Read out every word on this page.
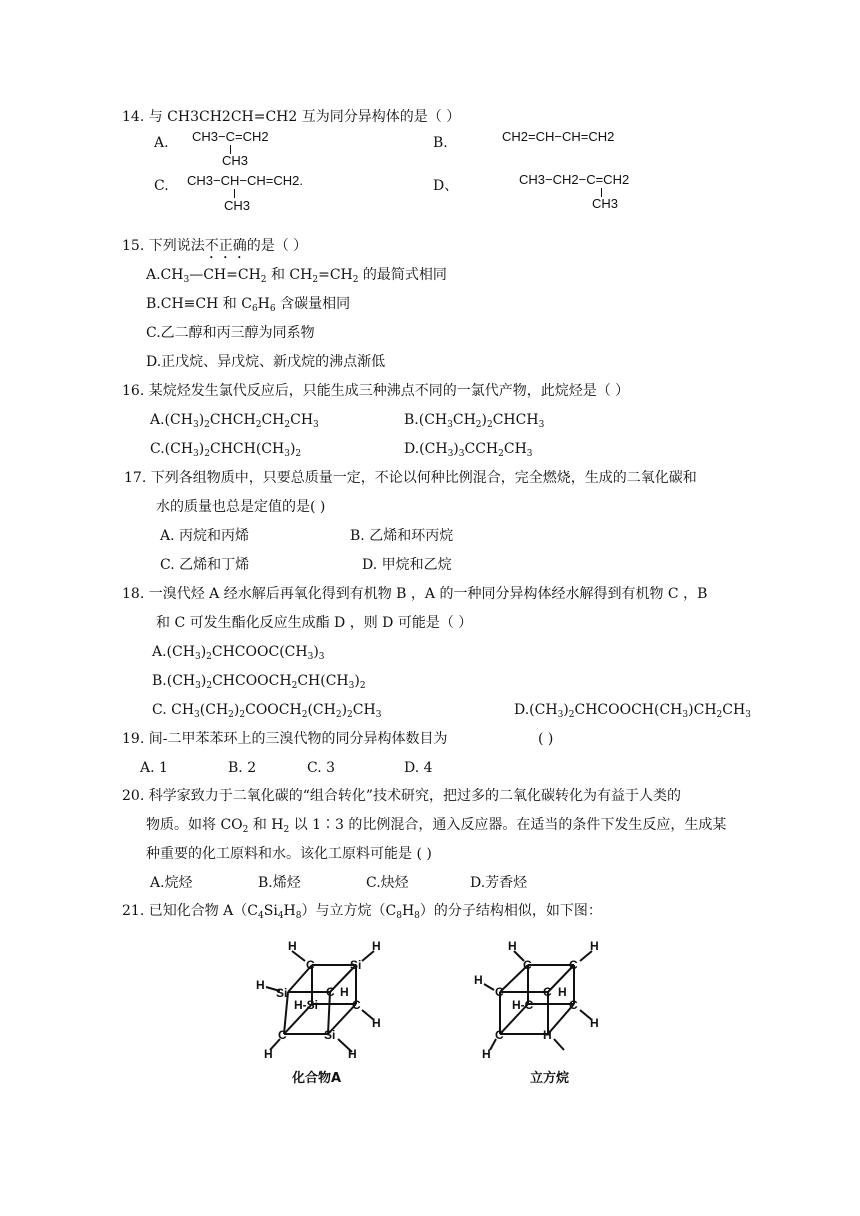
14. 与 CH3CH2CH=CH2 互为同分异构体的是（ ）
A. CH3−C=CH2
CH3
B.	CH2=CH−CH=CH2
C. CH3−CH−CH=CH2.
CH3
D、	CH3−CH2−C=CH2
CH3
15. 下列说法不正确的是（ ）
$A.CH_3—CH=CH_2$ 和 $CH_2=CH_2$ 的最简式相同
B.CH≡CH 和 $C_6H_6$ 含碳量相同
C.乙二醇和丙三醇为同系物
D.正戊烷、异戊烷、新戊烷的沸点渐低
16. 某烷烃发生氯代反应后，只能生成三种沸点不同的一氯代产物，此烷烃是（ ）
$A.(CH_3)_2CHCH_2CH_2CH_3$	$B.(CH_3CH_2)_2CHCH_3$
$C.(CH_3)_2CHCH(CH_3)_2$	$D.(CH_3)_3CCH_2CH_3$
17. 下列各组物质中，只要总质量一定，不论以何种比例混合，完全燃烧，生成的二氧化碳和
水的质量也总是定值的是( )
A. 丙烷和丙烯	B. 乙烯和环丙烷
C. 乙烯和丁烯	D. 甲烷和乙烷
18. 一溴代烃 A 经水解后再氧化得到有机物 B ，A 的一种同分异构体经水解得到有机物 C ，B
和 C 可发生酯化反应生成酯 D ，则 D 可能是（ ）
$A.(CH_3)_2CHCOOC(CH_3)_3$
$B.(CH_3)_2CHCOOCH_2CH(CH_3)_2$
C. $CH_3(CH_2)_2COOCH_2(CH_2)_2CH_3$	$D.(CH_3)_2CHCOOCH(CH_3)CH_2CH_3$
19. 间-二甲苯苯环上的三溴代物的同分异构体数目为	( )
A. 1	B. 2	C. 3	D. 4
20. 科学家致力于二氧化碳的“组合转化”技术研究，把过多的二氧化碳转化为有益于人类的
物质。如将 $CO_2$ 和 $H_2$ 以 1∶3 的比例混合，通入反应器。在适当的条件下发生反应，生成某
种重要的化工原料和水。该化工原料可能是 ( )
A.烷烃	B.烯烃	C.炔烃	D.芳香烃
21. 已知化合物 $A(C_4Si_4H_8)$与立方烷$(C_8H_8)$的分子结构相似，如下图：
H
C	Si
H
H
Si	C H
H-Si	C
C	Si
H
H	H
化合物A
H
C	C
H
H
C
H-C
C H
C
C	H
H
H
立方烷
